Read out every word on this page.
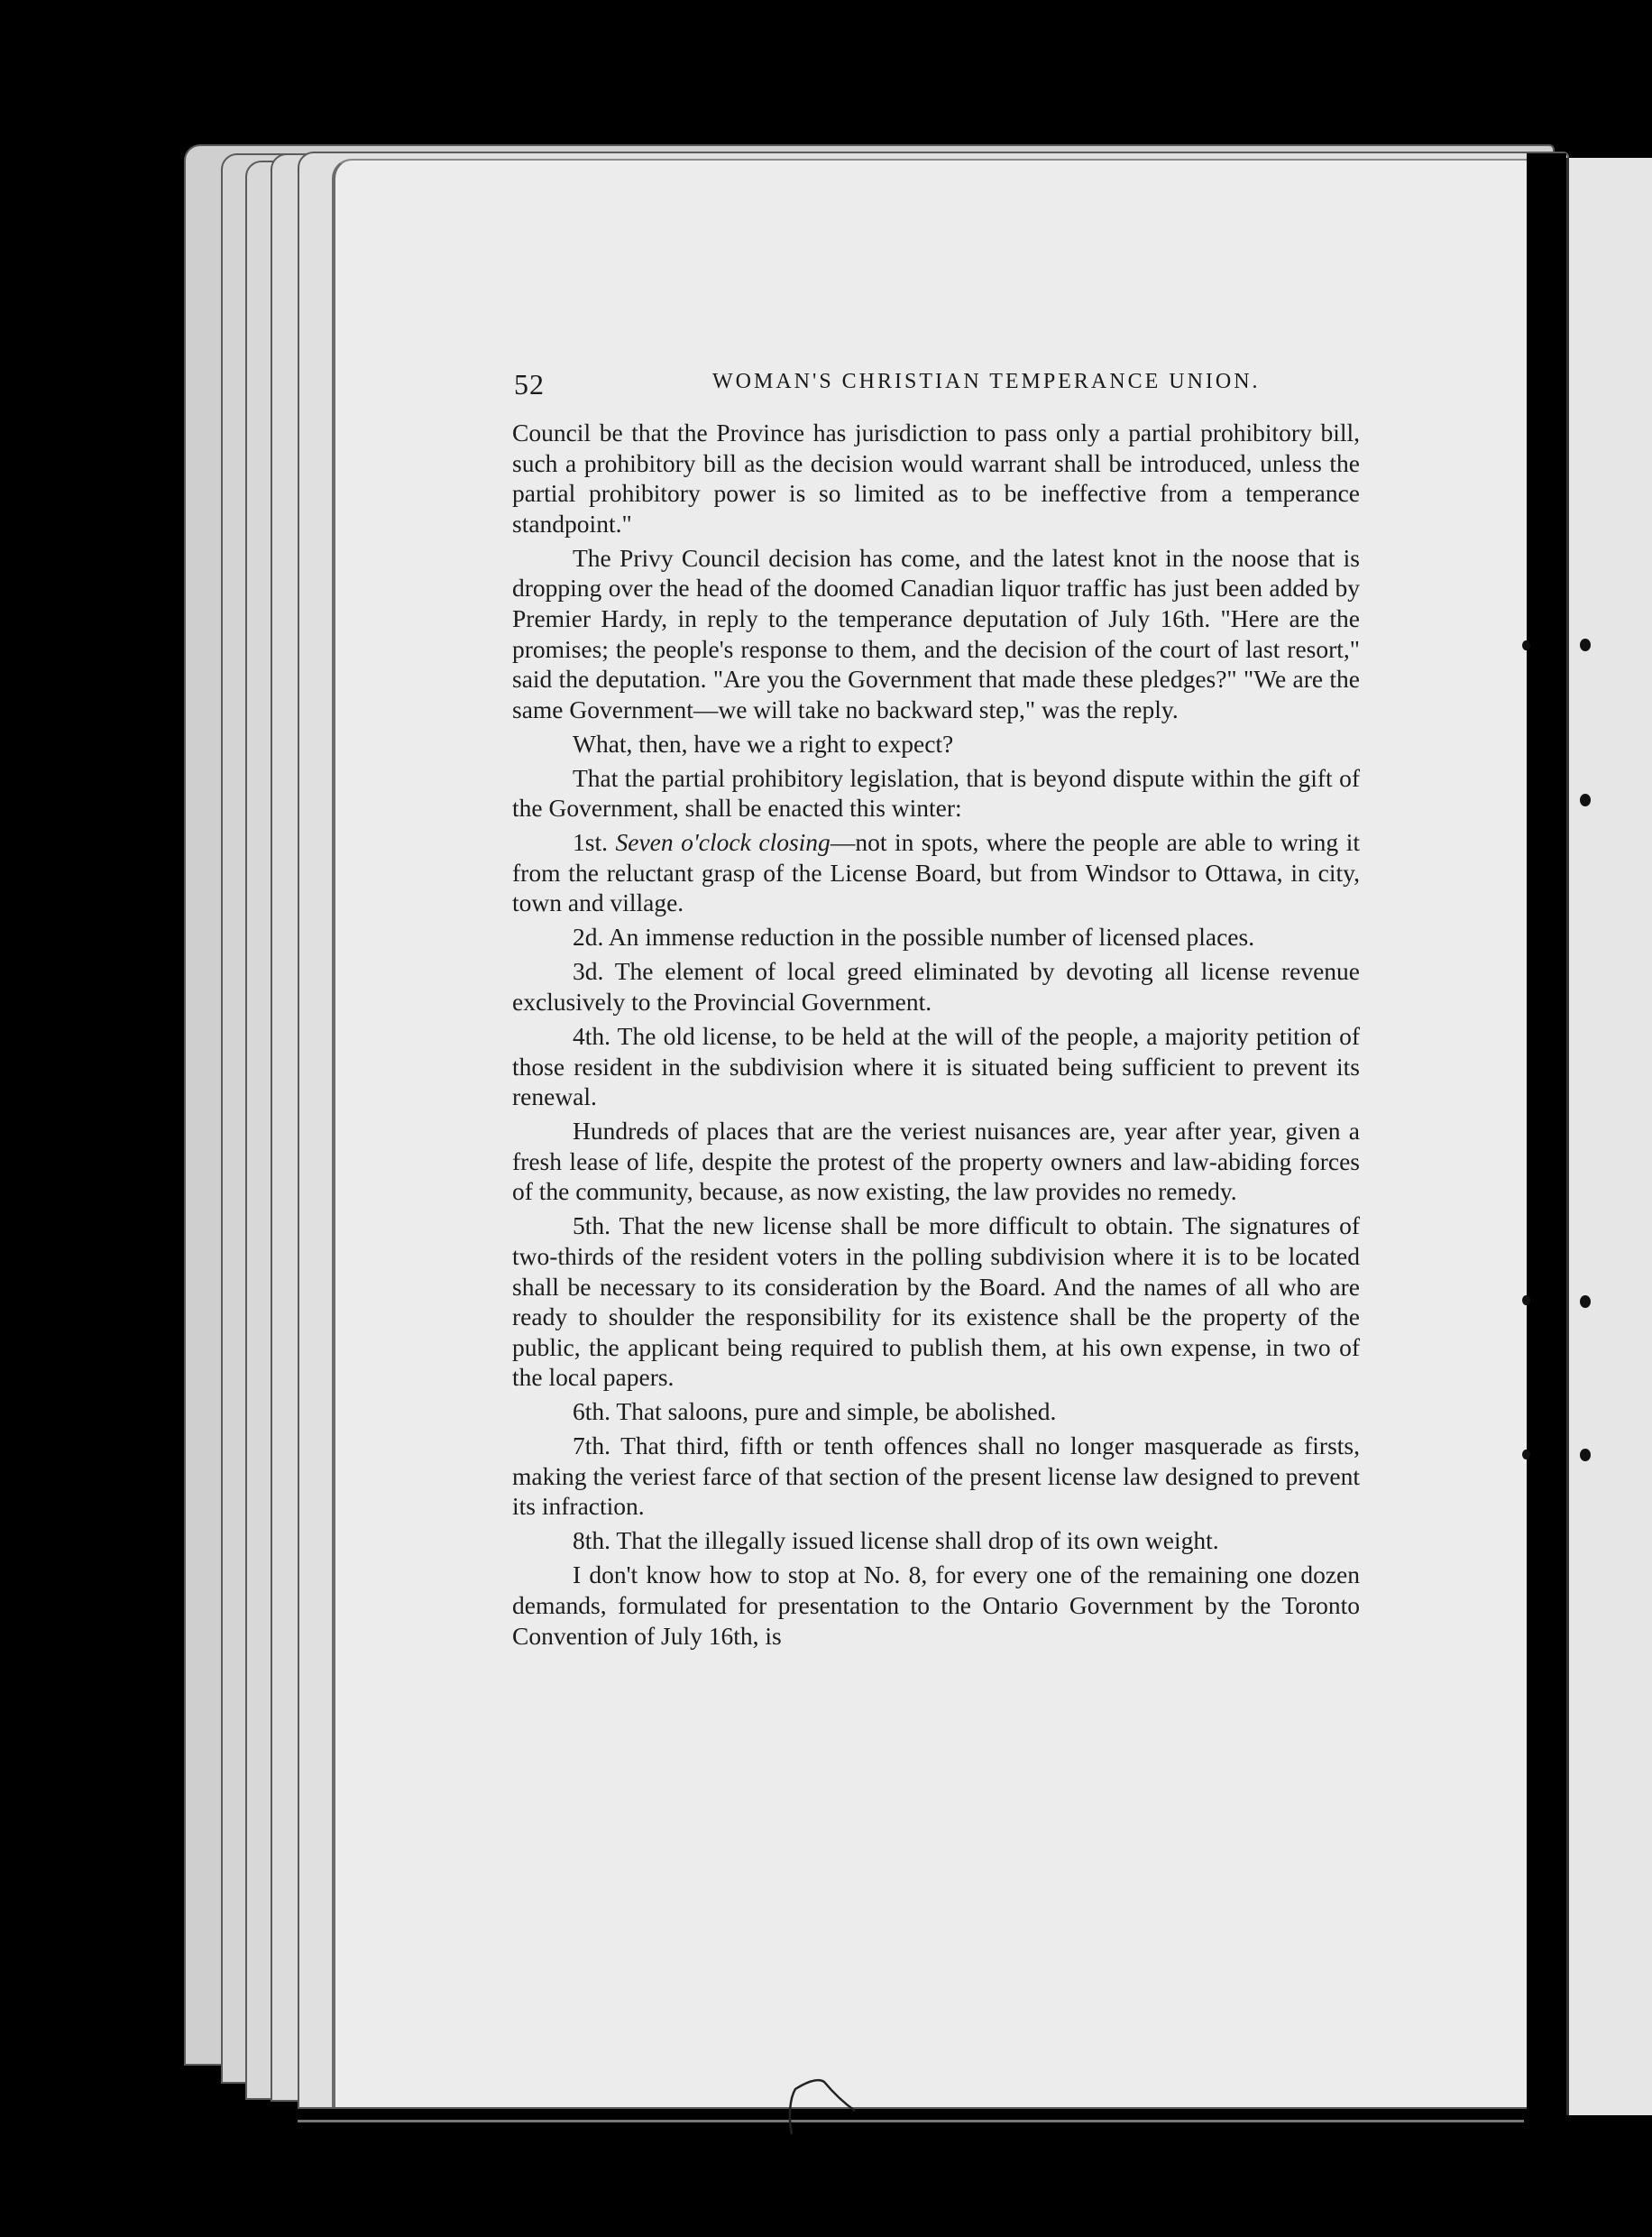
52	WOMAN'S CHRISTIAN TEMPERANCE UNION.

Council be that the Province has jurisdiction to pass only a partial prohibitory bill, such a prohibitory bill as the decision would warrant shall be introduced, unless the partial prohibitory power is so limited as to be ineffective from a temperance standpoint."

The Privy Council decision has come, and the latest knot in the noose that is dropping over the head of the doomed Canadian liquor traffic has just been added by Premier Hardy, in reply to the temperance deputation of July 16th. "Here are the promises; the people's response to them, and the decision of the court of last resort," said the deputation. "Are you the Government that made these pledges?" "We are the same Government—we will take no backward step," was the reply.

What, then, have we a right to expect?

That the partial prohibitory legislation, that is beyond dispute within the gift of the Government, shall be enacted this winter:

1st. Seven o'clock closing—not in spots, where the people are able to wring it from the reluctant grasp of the License Board, but from Windsor to Ottawa, in city, town and village.

2d. An immense reduction in the possible number of licensed places.

3d. The element of local greed eliminated by devoting all license revenue exclusively to the Provincial Government.

4th. The old license, to be held at the will of the people, a majority petition of those resident in the subdivision where it is situated being sufficient to prevent its renewal.

Hundreds of places that are the veriest nuisances are, year after year, given a fresh lease of life, despite the protest of the property owners and law-abiding forces of the community, because, as now existing, the law provides no remedy.

5th. That the new license shall be more difficult to obtain. The signatures of two-thirds of the resident voters in the polling subdivision where it is to be located shall be necessary to its consideration by the Board. And the names of all who are ready to shoulder the responsibility for its existence shall be the property of the public, the applicant being required to publish them, at his own expense, in two of the local papers.

6th. That saloons, pure and simple, be abolished.

7th. That third, fifth or tenth offences shall no longer masquerade as firsts, making the veriest farce of that section of the present license law designed to prevent its infraction.

8th. That the illegally issued license shall drop of its own weight.

I don't know how to stop at No. 8, for every one of the remaining one dozen demands, formulated for presentation to the Ontario Government by the Toronto Convention of July 16th, is
